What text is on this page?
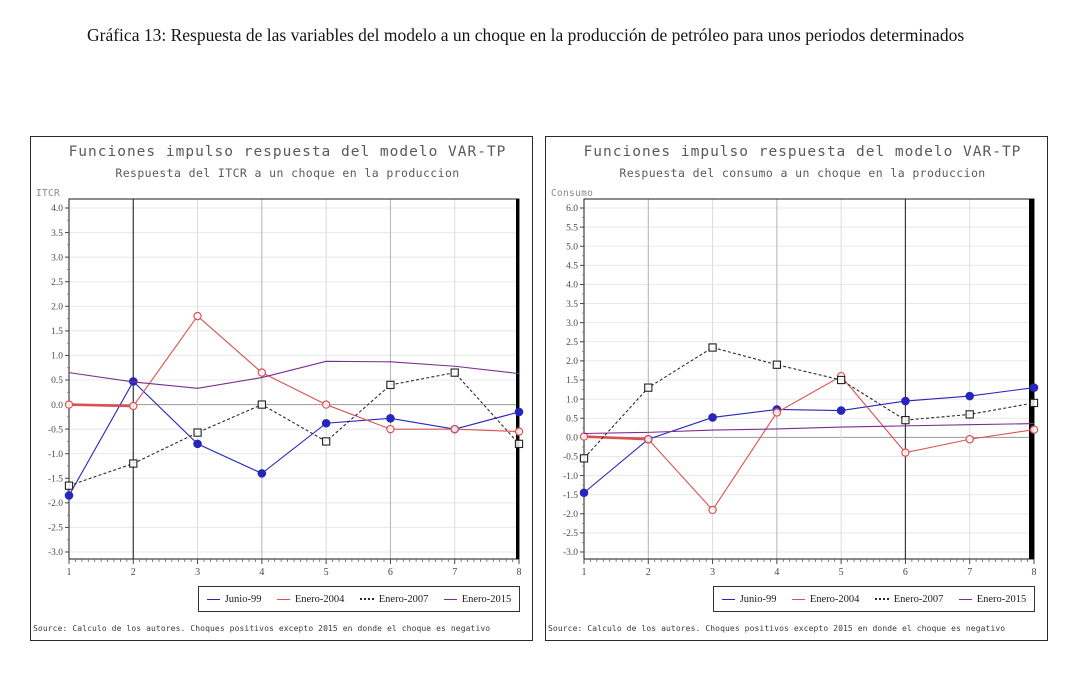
Gráfica 13: Respuesta de las variables del modelo a un choque en la producción de petróleo para unos periodos determinados
Funciones impulso respuesta del modelo VAR-TP
Respuesta del ITCR a un choque en la produccion
ITCR
4.0
3.5
3.0
2.5
2.0
1.5
1.0
0.5
0.0
-0.5
-1.0
-1.5
-2.0
-2.5
-3.0
1	2	3	4	5	6	7	8
Junio-99	Enero-2004	Enero-2007	Enero-2015
Source: Calculo de los autores. Choques positivos excepto 2015 en donde el choque es negativo
Funciones impulso respuesta del modelo VAR-TP
Respuesta del consumo a un choque en la produccion
Consumo
6.0
5.5
5.0
4.5
4.0
3.5
3.0
2.5
2.0
1.5
1.0
0.5
0.0
-0.5
-1.0
-1.5
-2.0
-2.5
-3.0
1	2	3	4	5	6	7	8
Junio-99	Enero-2004	Enero-2007	Enero-2015
Source: Calculo de los autores. Choques positivos excepto 2015 en donde el choque es negativo
